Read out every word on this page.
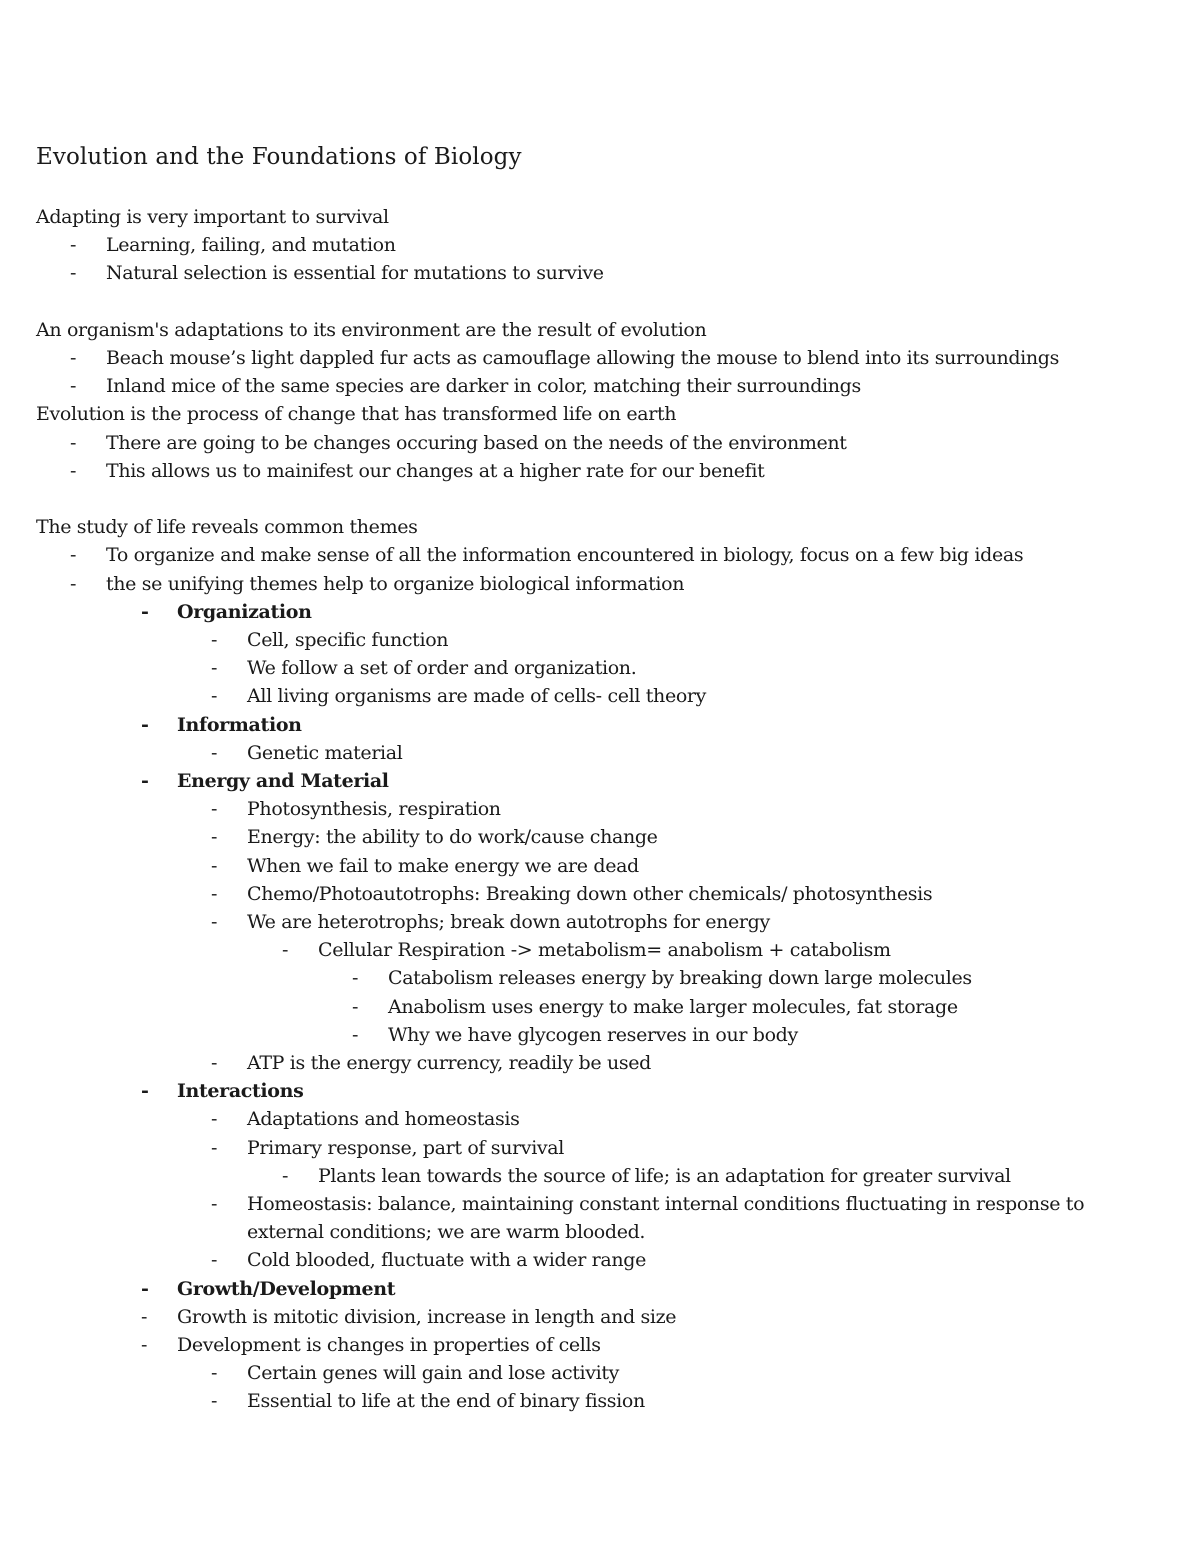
Evolution and the Foundations of Biology
Adapting is very important to survival
- Learning, failing, and mutation
- Natural selection is essential for mutations to survive
An organism's adaptations to its environment are the result of evolution
- Beach mouse’s light dappled fur acts as camouflage allowing the mouse to blend into its surroundings
- Inland mice of the same species are darker in color, matching their surroundings
Evolution is the process of change that has transformed life on earth
- There are going to be changes occuring based on the needs of the environment
- This allows us to mainifest our changes at a higher rate for our benefit
The study of life reveals common themes
- To organize and make sense of all the information encountered in biology, focus on a few big ideas
- the se unifying themes help to organize biological information
- Organization
- Cell, specific function
- We follow a set of order and organization.
- All living organisms are made of cells- cell theory
- Information
- Genetic material
- Energy and Material
- Photosynthesis, respiration
- Energy: the ability to do work/cause change
- When we fail to make energy we are dead
- Chemo/Photoautotrophs: Breaking down other chemicals/ photosynthesis
- We are heterotrophs; break down autotrophs for energy
- Cellular Respiration -> metabolism= anabolism + catabolism
- Catabolism releases energy by breaking down large molecules
- Anabolism uses energy to make larger molecules, fat storage
- Why we have glycogen reserves in our body
- ATP is the energy currency, readily be used
- Interactions
- Adaptations and homeostasis
- Primary response, part of survival
- Plants lean towards the source of life; is an adaptation for greater survival
- Homeostasis: balance, maintaining constant internal conditions fluctuating in response to
external conditions; we are warm blooded.
- Cold blooded, fluctuate with a wider range
- Growth/Development
- Growth is mitotic division, increase in length and size
- Development is changes in properties of cells
- Certain genes will gain and lose activity
- Essential to life at the end of binary fission
